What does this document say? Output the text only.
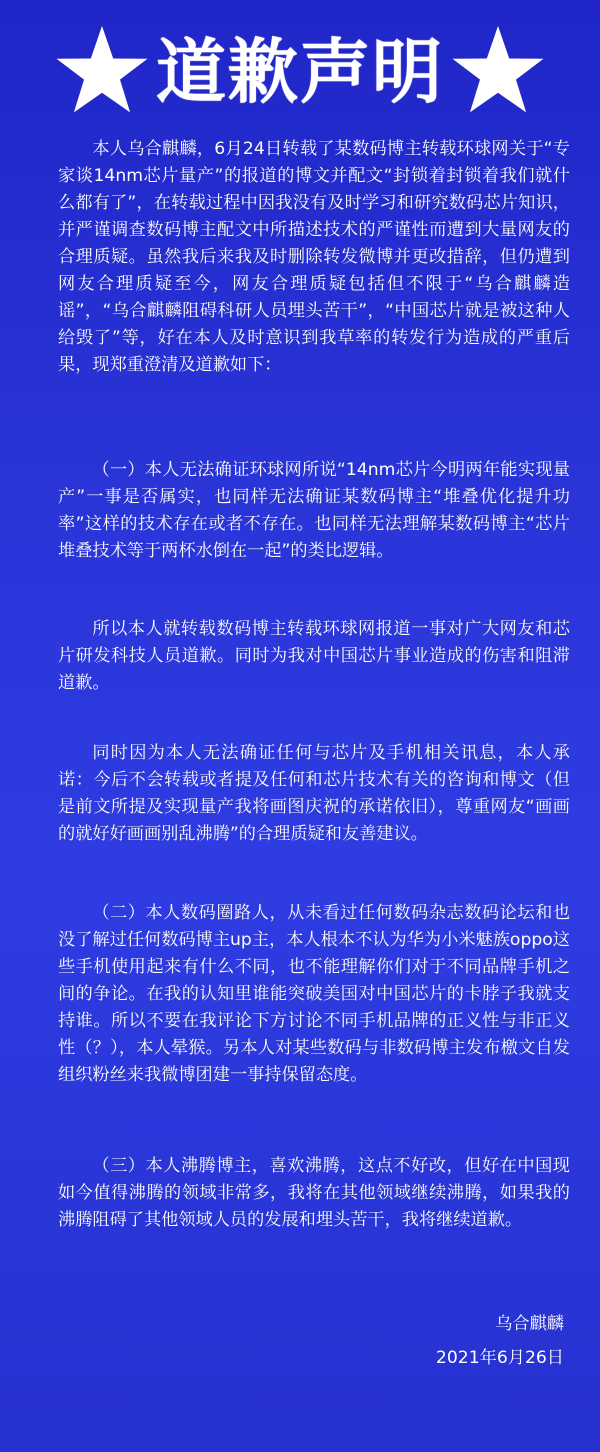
道歉声明

本人乌合麒麟，6月24日转载了某数码博主转载环球网关于“专家谈14nm芯片量产”的报道的博文并配文“封锁着封锁着我们就什么都有了”，在转载过程中因我没有及时学习和研究数码芯片知识，并严谨调查数码博主配文中所描述技术的严谨性而遭到大量网友的合理质疑。虽然我后来我及时删除转发微博并更改措辞，但仍遭到网友合理质疑至今，网友合理质疑包括但不限于“乌合麒麟造谣”，“乌合麒麟阻碍科研人员埋头苦干”，“中国芯片就是被这种人给毁了”等，好在本人及时意识到我草率的转发行为造成的严重后果，现郑重澄清及道歉如下：

（一）本人无法确证环球网所说“14nm芯片今明两年能实现量产”一事是否属实，也同样无法确证某数码博主“堆叠优化提升功率”这样的技术存在或者不存在。也同样无法理解某数码博主“芯片堆叠技术等于两杯水倒在一起”的类比逻辑。

所以本人就转载数码博主转载环球网报道一事对广大网友和芯片研发科技人员道歉。同时为我对中国芯片事业造成的伤害和阻滞道歉。

同时因为本人无法确证任何与芯片及手机相关讯息，本人承诺：今后不会转载或者提及任何和芯片技术有关的咨询和博文（但是前文所提及实现量产我将画图庆祝的承诺依旧），尊重网友“画画的就好好画画别乱沸腾”的合理质疑和友善建议。

（二）本人数码圈路人，从未看过任何数码杂志数码论坛和也没了解过任何数码博主up主，本人根本不认为华为小米魅族oppo这些手机使用起来有什么不同，也不能理解你们对于不同品牌手机之间的争论。在我的认知里谁能突破美国对中国芯片的卡脖子我就支持谁。所以不要在我评论下方讨论不同手机品牌的正义性与非正义性（？），本人晕猴。另本人对某些数码与非数码博主发布檄文自发组织粉丝来我微博团建一事持保留态度。

（三）本人沸腾博主，喜欢沸腾，这点不好改，但好在中国现如今值得沸腾的领域非常多，我将在其他领域继续沸腾，如果我的沸腾阻碍了其他领域人员的发展和埋头苦干，我将继续道歉。

乌合麒麟
2021年6月26日
